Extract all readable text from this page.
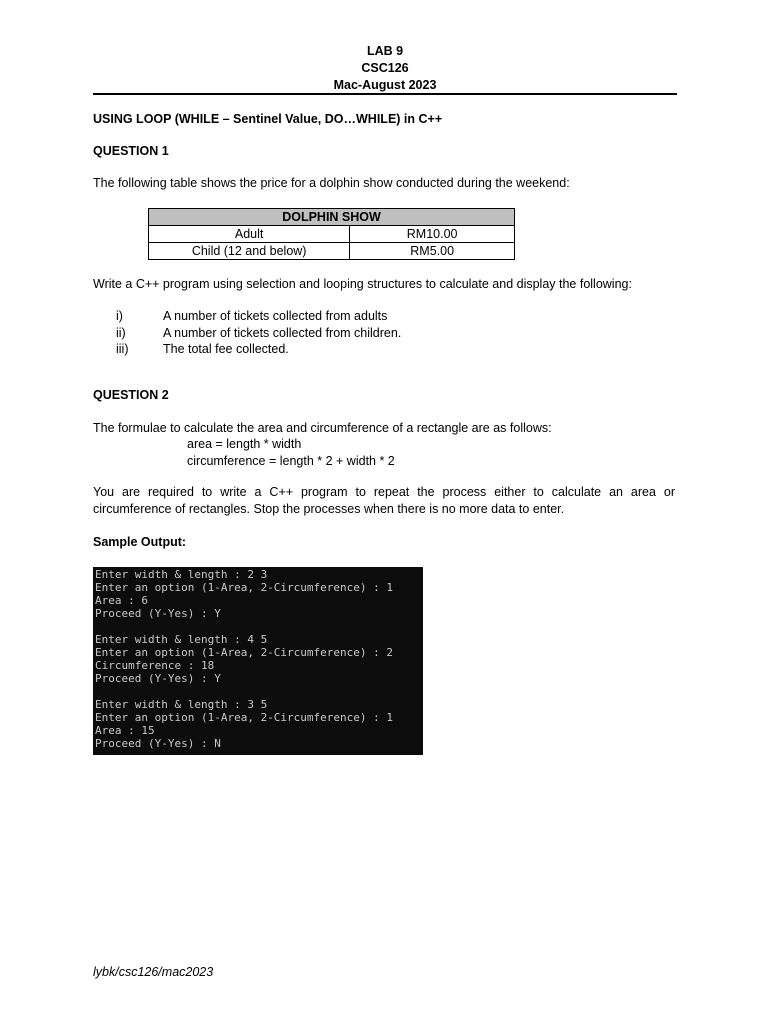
LAB 9
CSC126
Mac-August 2023
USING LOOP (WHILE – Sentinel Value, DO…WHILE) in C++
QUESTION 1
The following table shows the price for a dolphin show conducted during the weekend:
DOLPHIN SHOW	
Adult	RM10.00
Child (12 and below)	RM5.00
Write a C++ program using selection and looping structures to calculate and display the following:
i)	A number of tickets collected from adults
ii)	A number of tickets collected from children.
iii)	The total fee collected.
QUESTION 2
The formulae to calculate the area and circumference of a rectangle are as follows:
area = length * width
circumference = length * 2 + width * 2
You are required to write a C++ program to repeat the process either to calculate an area or circumference of rectangles. Stop the processes when there is no more data to enter.
Sample Output:
Enter width & length : 2 3
Enter an option (1-Area, 2-Circumference) : 1
Area : 6
Proceed (Y-Yes) : Y
Enter width & length : 4 5
Enter an option (1-Area, 2-Circumference) : 2
Circumference : 18
Proceed (Y-Yes) : Y
Enter width & length : 3 5
Enter an option (1-Area, 2-Circumference) : 1
Area : 15
Proceed (Y-Yes) : N
lybk/csc126/mac2023
